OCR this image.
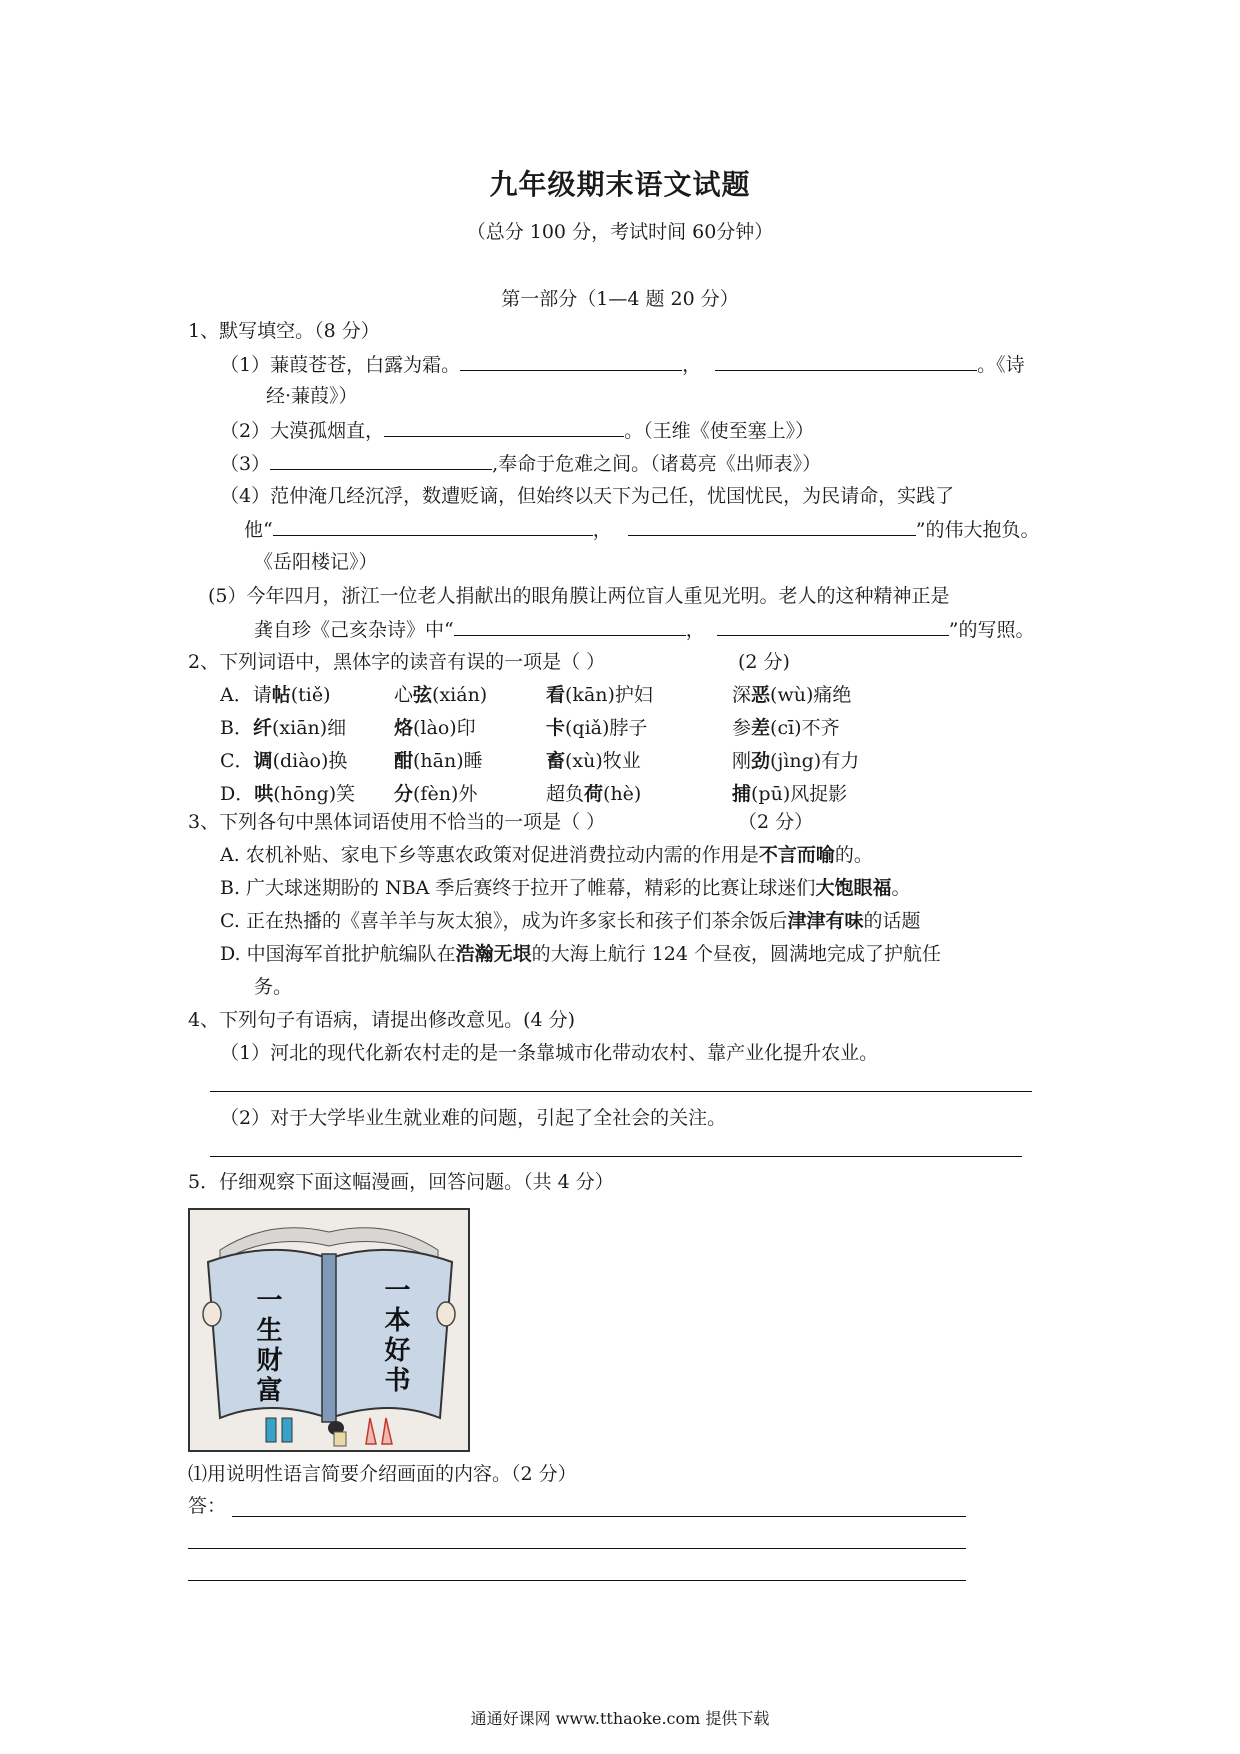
九年级期末语文试题
（总分 100 分，考试时间 60分钟）
第一部分（1—4 题 20 分）
1、默写填空。（8 分）
（1）蒹葭苍苍，白露为霜。	，	。《诗
经·蒹葭》）
（2）大漠孤烟直，	。（王维《使至塞上》）
（3）	,奉命于危难之间。（诸葛亮《出师表》）
（4）范仲淹几经沉浮，数遭贬谪，但始终以天下为己任，忧国忧民，为民请命，实践了
他“	，	”的伟大抱负。
《岳阳楼记》）
(5）今年四月，浙江一位老人捐献出的眼角膜让两位盲人重见光明。老人的这种精神正是
龚自珍《己亥杂诗》中“	，	”的写照。
2、下列词语中，黑体字的读音有误的一项是（ ）	(2 分)
A．请帖(tiě)	心弦(xián)	看(kān)护妇	深恶(wù)痛绝
B．纤(xiān)细	烙(lào)印	卡(qiǎ)脖子	参差(cī)不齐
C．调(diào)换 酣(hān)睡	畜(xù)牧业	刚劲(jìng)有力
D．哄(hōng)笑 分(fèn)外	超负荷(hè)	捕(pū)风捉影
3、下列各句中黑体词语使用不恰当的一项是（ ）	（2 分）
A. 农机补贴、家电下乡等惠农政策对促进消费拉动内需的作用是不言而喻的。
B. 广大球迷期盼的 NBA 季后赛终于拉开了帷幕，精彩的比赛让球迷们大饱眼福。
C. 正在热播的《喜羊羊与灰太狼》，成为许多家长和孩子们茶余饭后津津有味的话题
D. 中国海军首批护航编队在浩瀚无垠的大海上航行 124 个昼夜，圆满地完成了护航任
务。
4、下列句子有语病，请提出修改意见。(4 分)
（1）河北的现代化新农村走的是一条靠城市化带动农村、靠产业化提升农业。
（2）对于大学毕业生就业难的问题，引起了全社会的关注。
5．仔细观察下面这幅漫画，回答问题。（共 4 分）
一生财富	一本好书
⑴用说明性语言简要介绍画面的内容。（2 分）
答：
通通好课网 www.tthaoke.com 提供下载
